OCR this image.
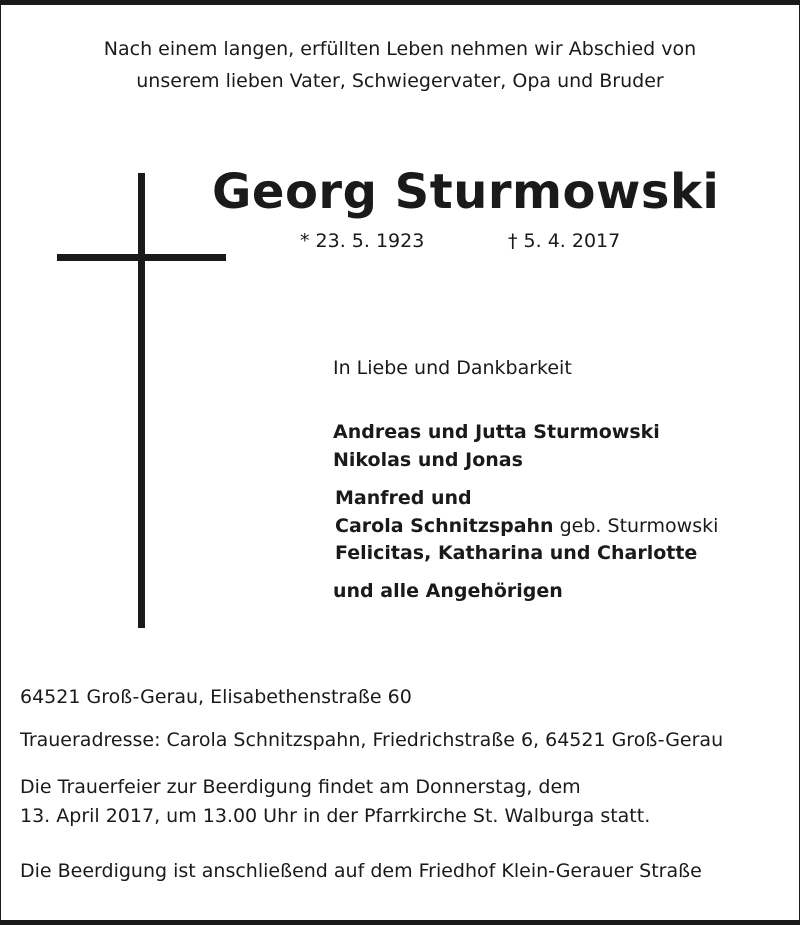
Nach einem langen, erfüllten Leben nehmen wir Abschied von
unserem lieben Vater, Schwiegervater, Opa und Bruder
Georg Sturmowski
* 23. 5. 1923	† 5. 4. 2017
In Liebe und Dankbarkeit
Andreas und Jutta Sturmowski
Nikolas und Jonas
Manfred und
Carola Schnitzspahn geb. Sturmowski
Felicitas, Katharina und Charlotte
und alle Angehörigen
64521 Groß-Gerau, Elisabethenstraße 60
Traueradresse: Carola Schnitzspahn, Friedrichstraße 6, 64521 Groß-Gerau
Die Trauerfeier zur Beerdigung findet am Donnerstag, dem
13. April 2017, um 13.00 Uhr in der Pfarrkirche St. Walburga statt.
Die Beerdigung ist anschließend auf dem Friedhof Klein-Gerauer Straße
